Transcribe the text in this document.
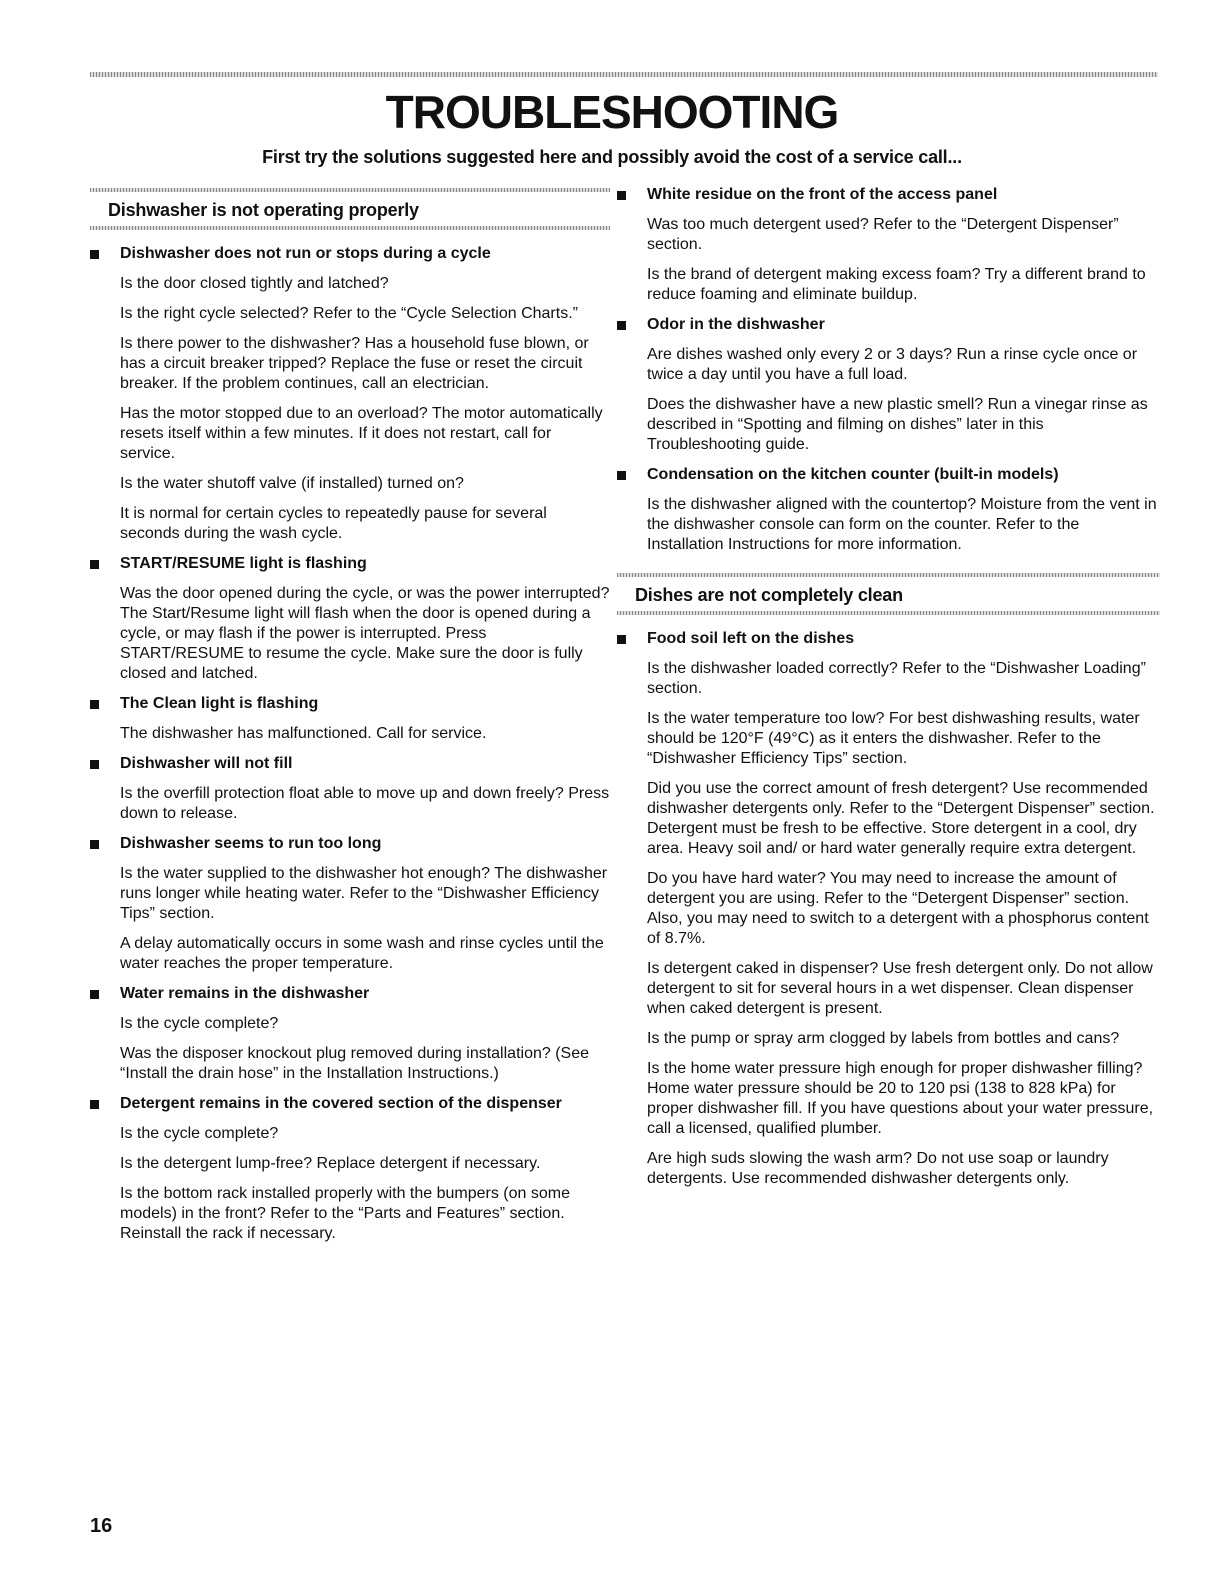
TROUBLESHOOTING
First try the solutions suggested here and possibly avoid the cost of a service call...
Dishwasher is not operating properly
Dishwasher does not run or stops during a cycle

Is the door closed tightly and latched?

Is the right cycle selected? Refer to the “Cycle Selection Charts.”

Is there power to the dishwasher? Has a household fuse blown, or has a circuit breaker tripped? Replace the fuse or reset the circuit breaker. If the problem continues, call an electrician.

Has the motor stopped due to an overload? The motor automatically resets itself within a few minutes. If it does not restart, call for service.

Is the water shutoff valve (if installed) turned on?

It is normal for certain cycles to repeatedly pause for several seconds during the wash cycle.

START/RESUME light is flashing

Was the door opened during the cycle, or was the power interrupted? The Start/Resume light will flash when the door is opened during a cycle, or may flash if the power is interrupted. Press START/RESUME to resume the cycle. Make sure the door is fully closed and latched.

The Clean light is flashing

The dishwasher has malfunctioned. Call for service.

Dishwasher will not fill

Is the overfill protection float able to move up and down freely? Press down to release.

Dishwasher seems to run too long

Is the water supplied to the dishwasher hot enough? The dishwasher runs longer while heating water. Refer to the “Dishwasher Efficiency Tips” section.

A delay automatically occurs in some wash and rinse cycles until the water reaches the proper temperature.

Water remains in the dishwasher

Is the cycle complete?

Was the disposer knockout plug removed during installation? (See “Install the drain hose” in the Installation Instructions.)

Detergent remains in the covered section of the dispenser

Is the cycle complete?

Is the detergent lump-free? Replace detergent if necessary.

Is the bottom rack installed properly with the bumpers (on some models) in the front? Refer to the “Parts and Features” section. Reinstall the rack if necessary.

White residue on the front of the access panel

Was too much detergent used? Refer to the “Detergent Dispenser” section.

Is the brand of detergent making excess foam? Try a different brand to reduce foaming and eliminate buildup.

Odor in the dishwasher

Are dishes washed only every 2 or 3 days? Run a rinse cycle once or twice a day until you have a full load.

Does the dishwasher have a new plastic smell? Run a vinegar rinse as described in “Spotting and filming on dishes” later in this Troubleshooting guide.

Condensation on the kitchen counter (built-in models)

Is the dishwasher aligned with the countertop? Moisture from the vent in the dishwasher console can form on the counter. Refer to the Installation Instructions for more information.

Dishes are not completely clean
Food soil left on the dishes

Is the dishwasher loaded correctly? Refer to the “Dishwasher Loading” section.

Is the water temperature too low? For best dishwashing results, water should be 120°F (49°C) as it enters the dishwasher. Refer to the “Dishwasher Efficiency Tips” section.

Did you use the correct amount of fresh detergent? Use recommended dishwasher detergents only. Refer to the “Detergent Dispenser” section. Detergent must be fresh to be effective. Store detergent in a cool, dry area. Heavy soil and/ or hard water generally require extra detergent.

Do you have hard water? You may need to increase the amount of detergent you are using. Refer to the “Detergent Dispenser” section. Also, you may need to switch to a detergent with a phosphorus content of 8.7%.

Is detergent caked in dispenser? Use fresh detergent only. Do not allow detergent to sit for several hours in a wet dispenser. Clean dispenser when caked detergent is present.

Is the pump or spray arm clogged by labels from bottles and cans?

Is the home water pressure high enough for proper dishwasher filling? Home water pressure should be 20 to 120 psi (138 to 828 kPa) for proper dishwasher fill. If you have questions about your water pressure, call a licensed, qualified plumber.

Are high suds slowing the wash arm? Do not use soap or laundry detergents. Use recommended dishwasher detergents only.

16
